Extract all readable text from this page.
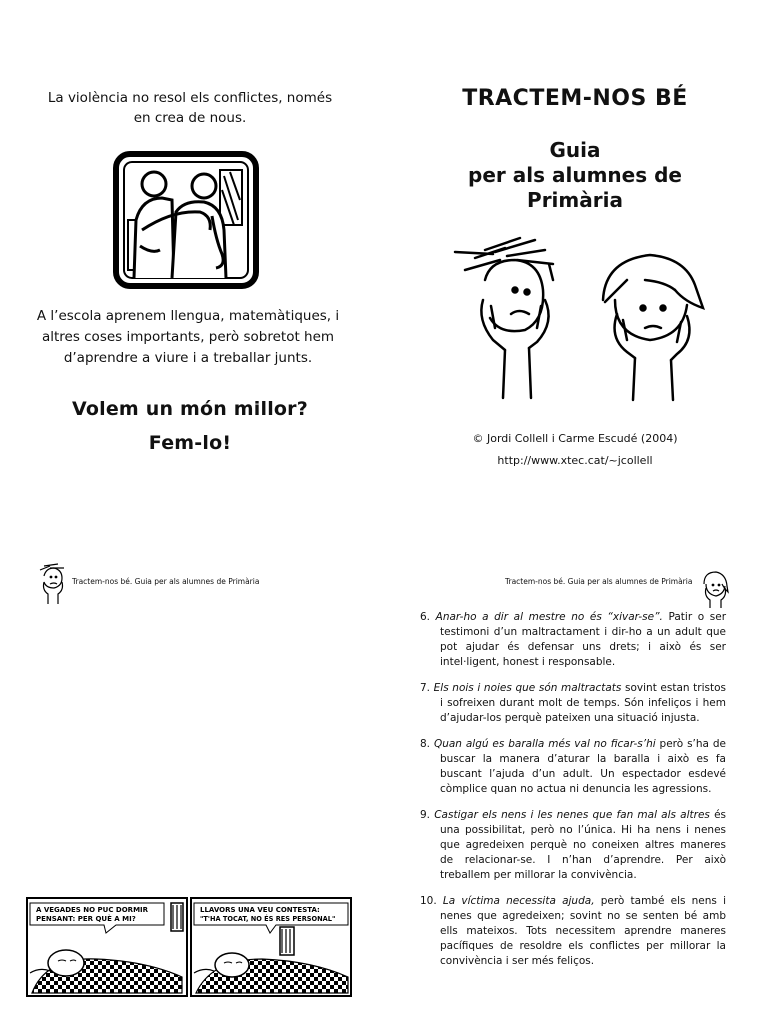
La violència no resol els conflictes, només
en crea de nous.
A l’escola aprenem llengua, matemàtiques, i
altres coses importants, però sobretot hem
d’aprendre a viure i a treballar junts.
Volem un món millor?
Fem-lo!
TRACTEM-NOS BÉ
Guia
per als alumnes de
Primària
© Jordi Collell i Carme Escudé (2004)
http://www.xtec.cat/~jcollell
Tractem-nos bé. Guia per als alumnes de Primària	Tractem-nos bé. Guia per als alumnes de Primària

6. Anar-ho a dir al mestre no és “xivar-se”. Patir o ser testimoni d’un maltractament i dir-ho a un adult que pot ajudar és defensar uns drets; i això és ser intel·ligent, honest i responsable.

7. Els nois i noies que són maltractats sovint estan tristos i sofreixen durant molt de temps. Són infeliços i hem d’ajudar-los perquè pateixen una situació injusta.

8. Quan algú es baralla més val no ficar-s’hi però s’ha de buscar la manera d’aturar la baralla i això es fa buscant l’ajuda d’un adult. Un espectador esdevé còmplice quan no actua ni denuncia les agressions.

9. Castigar els nens i les nenes que fan mal als altres és una possibilitat, però no l’única. Hi ha nens i nenes que agredeixen perquè no coneixen altres maneres de relacionar-se. I n’han d’aprendre. Per això treballem per millorar la convivència.

10. La víctima necessita ajuda, però també els nens i nenes que agredeixen; sovint no se senten bé amb ells mateixos. Tots necessitem aprendre maneres pacífiques de resoldre els conflictes per millorar la convivència i ser més feliços.

A VEGADES NO PUC DORMIR
PENSANT: PER QUÈ A MI?
LLAVORS UNA VEU CONTESTA:
"T'HA TOCAT, NO ÉS RES PERSONAL"
